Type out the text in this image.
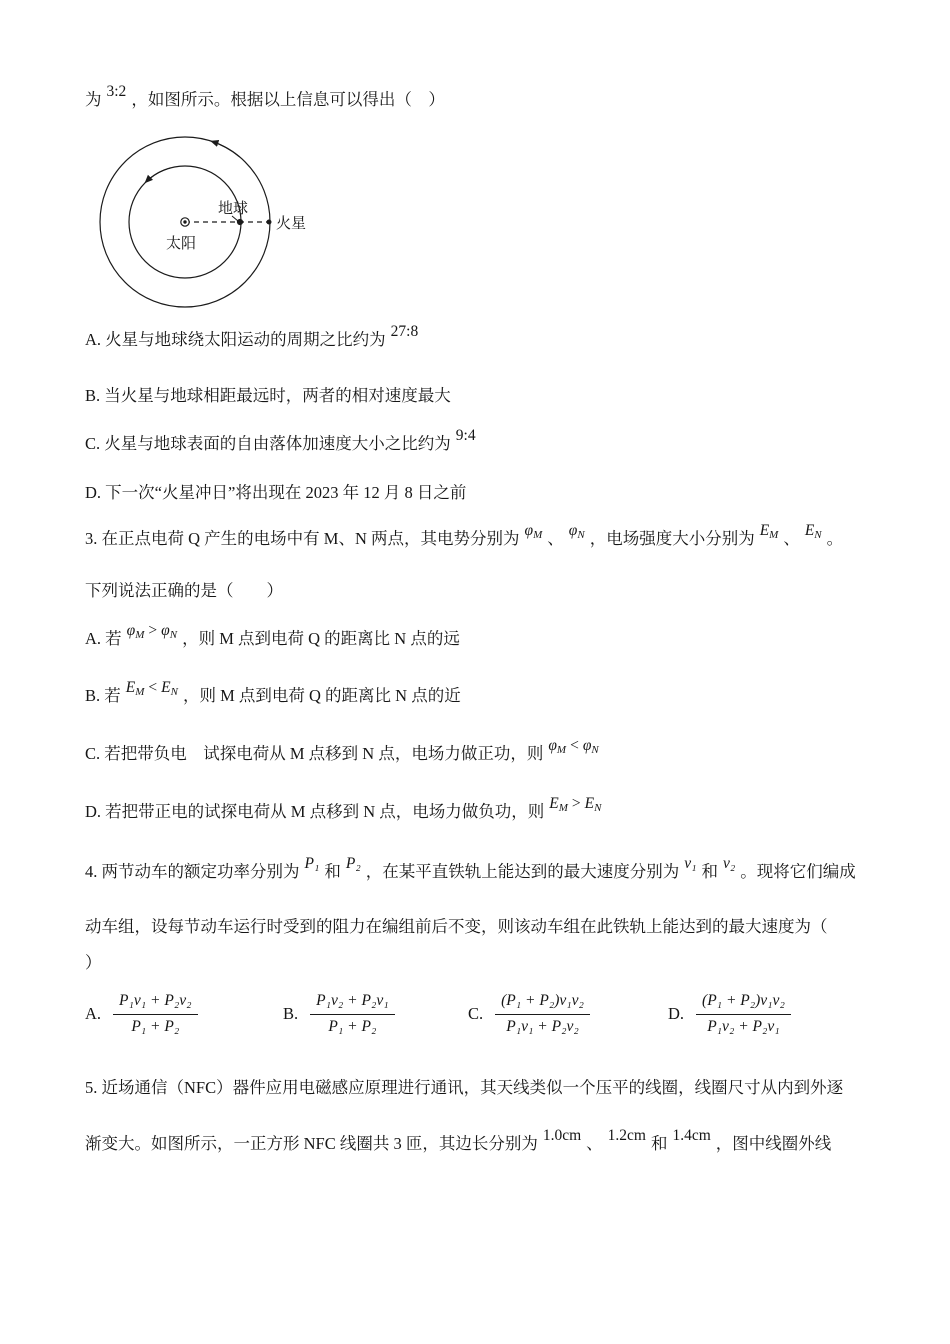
为 3:2 ，如图所示。根据以上信息可以得出（　）

太阳
地球
火星

A. 火星与地球绕太阳运动的周期之比约为 27:8

B. 当火星与地球相距最远时，两者的相对速度最大

C. 火星与地球表面的自由落体加速度大小之比约为 9:4

D. 下一次“火星冲日”将出现在 2023 年 12 月 8 日之前

3. 在正点电荷 Q 产生的电场中有 M、N 两点，其电势分别为 $\varphi_M$ 、 $\varphi_N$ ，电场强度大小分别为 $E_M$ 、 $E_N$ 。

下列说法正确的是（　　）

A. 若 $\varphi_M > \varphi_N$ ，则 M 点到电荷 Q 的距离比 N 点的远

B. 若 $E_M < E_N$ ，则 M 点到电荷 Q 的距离比 N 点的近

C. 若把带负电　试探电荷从 M 点移到 N 点，电场力做正功，则 $\varphi_M < \varphi_N$

D. 若把带正电的试探电荷从 M 点移到 N 点，电场力做负功，则 $E_M > E_N$

4. 两节动车的额定功率分别为 P₁ 和 P₂ ，在某平直铁轨上能达到的最大速度分别为 v₁ 和 v₂ 。现将它们编成

动车组，设每节动车运行时受到的阻力在编组前后不变，则该动车组在此铁轨上能达到的最大速度为（

）

A. $\frac{\text{P₁v₁ + P₂v₂}}{\text{P₁ + P₂}}$	B. $\frac{\text{P₁v₂ + P₂v₁}}{\text{P₁ + P₂}}$	C. $\frac{\text{(P₁ + P₂)v₁v₂}}{\text{P₁v₁ + P₂v₂}}$	D. $\frac{\text{(P₁ + P₂)v₁v₂}}{\text{P₁v₂ + P₂v₁}}$

5. 近场通信（NFC）器件应用电磁感应原理进行通讯，其天线类似一个压平的线圈，线圈尺寸从内到外逐

渐变大。如图所示，一正方形 NFC 线圈共 3 匝，其边长分别为 1.0cm 、 1.2cm 和 1.4cm ，图中线圈外线
